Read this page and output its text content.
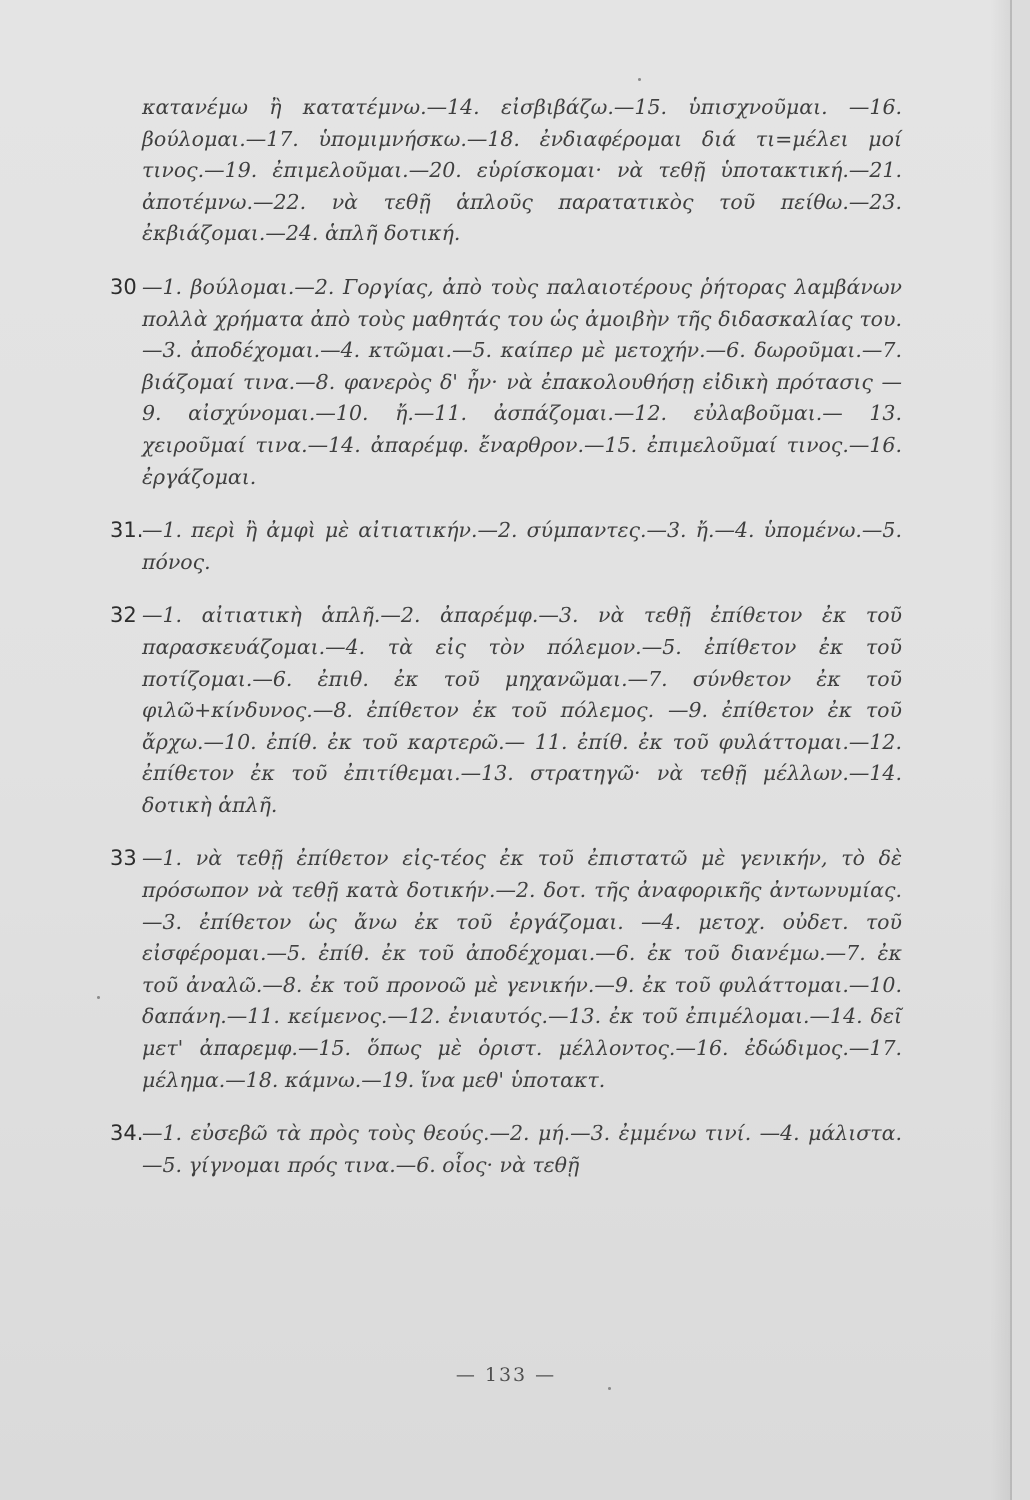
κατανέμω ἢ κατατέμνω.—14. εἰσβιβάζω.—15. ὑπισχνοῦμαι. —16. βούλομαι.—17. ὑπομιμνήσκω.—18. ἐνδιαφέρομαι διά τι=μέλει μοί τινος.—19. ἐπιμελοῦμαι.—20. εὑρίσκομαι· νὰ τεθῇ ὑποτακτική.—21. ἀποτέμνω.—22. νὰ τεθῇ ἁπλοῦς παρατατικὸς τοῦ πείθω.—23. ἐκβιάζομαι.—24. ἁπλῆ δοτική.

30 —1. βούλομαι.—2. Γοργίας, ἀπὸ τοὺς παλαιοτέρους ῥήτορας λαμβάνων πολλὰ χρήματα ἀπὸ τοὺς μαθητάς του ὡς ἀμοιβὴν τῆς διδασκαλίας του.—3. ἀποδέχομαι.—4. κτῶμαι.—5. καίπερ μὲ μετοχήν.—6. δωροῦμαι.—7. βιάζομαί τινα.—8. φανερὸς δ' ἦν· νὰ ἐπακολουθήσῃ εἰδικὴ πρότασις —9. αἰσχύνομαι.—10. ἤ.—11. ἀσπάζομαι.—12. εὐλαβοῦμαι.— 13. χειροῦμαί τινα.—14. ἀπαρέμφ. ἔναρθρον.—15. ἐπιμελοῦμαί τινος.—16. ἐργάζομαι.

31.
—1. περὶ ἢ ἀμφὶ μὲ αἰτιατικήν.—2. σύμπαντες.—3. ἤ.—4. ὑπομένω.—5. πόνος.

32 —1. αἰτιατικὴ ἁπλῆ.—2. ἀπαρέμφ.—3. νὰ τεθῇ ἐπίθετον ἐκ τοῦ παρασκευάζομαι.—4. τὰ εἰς τὸν πόλεμον.—5. ἐπίθετον ἐκ τοῦ ποτίζομαι.—6. ἐπιθ. ἐκ τοῦ μηχανῶμαι.—7. σύνθετον ἐκ τοῦ φιλῶ+κίνδυνος.—8. ἐπίθετον ἐκ τοῦ πόλεμος. —9. ἐπίθετον ἐκ τοῦ ἄρχω.—10. ἐπίθ. ἐκ τοῦ καρτερῶ.— 11. ἐπίθ. ἐκ τοῦ φυλάττομαι.—12. ἐπίθετον ἐκ τοῦ ἐπιτίθεμαι.—13. στρατηγῶ· νὰ τεθῇ μέλλων.—14. δοτικὴ ἁπλῆ.

33 —1. νὰ τεθῇ ἐπίθετον εἰς-τέος ἐκ τοῦ ἐπιστατῶ μὲ γενικήν, τὸ δὲ πρόσωπον νὰ τεθῇ κατὰ δοτικήν.—2. δοτ. τῆς ἀναφορικῆς ἀντωνυμίας.—3. ἐπίθετον ὡς ἄνω ἐκ τοῦ ἐργάζομαι. —4. μετοχ. οὐδετ. τοῦ εἰσφέρομαι.—5. ἐπίθ. ἐκ τοῦ ἀποδέχομαι.—6. ἐκ τοῦ διανέμω.—7. ἐκ τοῦ ἀναλῶ.—8. ἐκ τοῦ προνοῶ μὲ γενικήν.—9. ἐκ τοῦ φυλάττομαι.—10. δαπάνη.—11. κείμενος.—12. ἐνιαυτός.—13. ἐκ τοῦ ἐπιμέλομαι.—14. δεῖ μετ' ἀπαρεμφ.—15. ὅπως μὲ ὁριστ. μέλλοντος.—16. ἐδώδιμος.—17. μέλημα.—18. κάμνω.—19. ἵνα μεθ' ὑποτακτ.

34.
—1. εὐσεβῶ τὰ πρὸς τοὺς θεούς.—2. μή.—3. ἐμμένω τινί. —4. μάλιστα.—5. γίγνομαι πρός τινα.—6. οἷος· νὰ τεθῇ

— 133 —
